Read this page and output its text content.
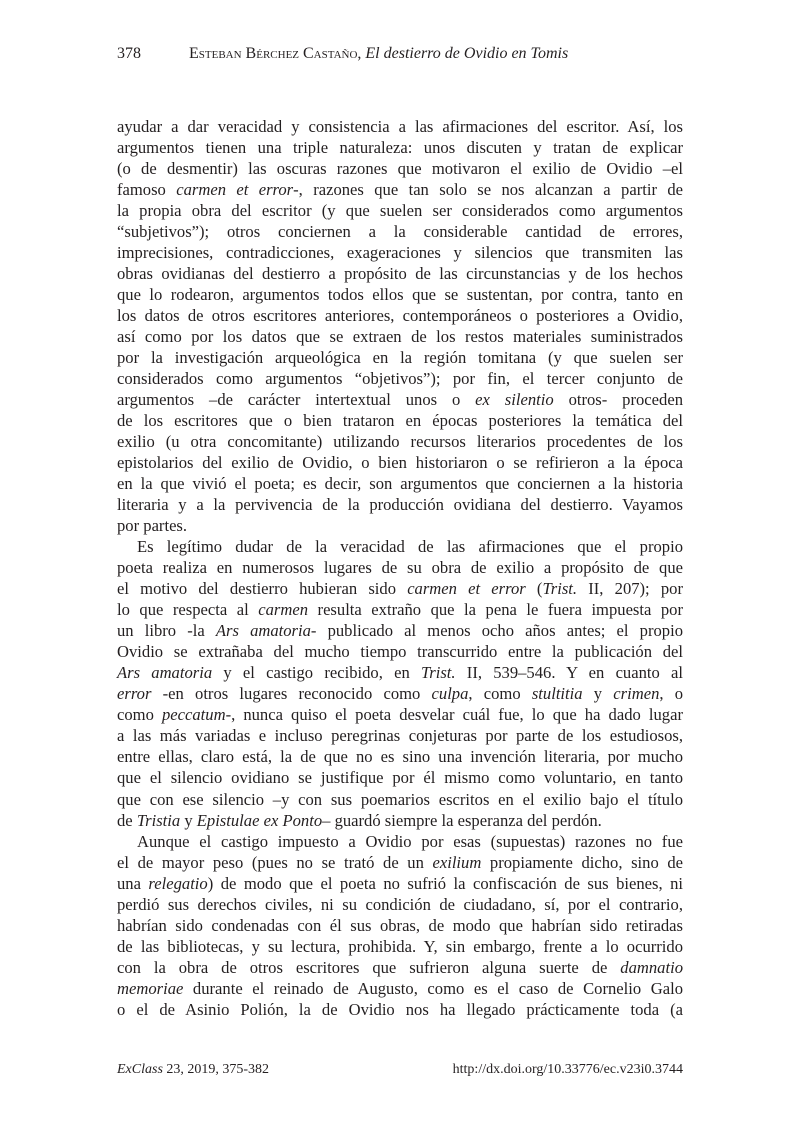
378	Esteban Bérchez Castaño, El destierro de Ovidio en Tomis
ayudar a dar veracidad y consistencia a las afirmaciones del escritor. Así, los
argumentos tienen una triple naturaleza: unos discuten y tratan de explicar
(o de desmentir) las oscuras razones que motivaron el exilio de Ovidio –el
famoso carmen et error-, razones que tan solo se nos alcanzan a partir de
la propia obra del escritor (y que suelen ser considerados como argumentos
“subjetivos”); otros conciernen a la considerable cantidad de errores,
imprecisiones, contradicciones, exageraciones y silencios que transmiten las
obras ovidianas del destierro a propósito de las circunstancias y de los hechos
que lo rodearon, argumentos todos ellos que se sustentan, por contra, tanto en
los datos de otros escritores anteriores, contemporáneos o posteriores a Ovidio,
así como por los datos que se extraen de los restos materiales suministrados
por la investigación arqueológica en la región tomitana (y que suelen ser
considerados como argumentos “objetivos”); por fin, el tercer conjunto de
argumentos –de carácter intertextual unos o ex silentio otros- proceden
de los escritores que o bien trataron en épocas posteriores la temática del
exilio (u otra concomitante) utilizando recursos literarios procedentes de los
epistolarios del exilio de Ovidio, o bien historiaron o se refirieron a la época
en la que vivió el poeta; es decir, son argumentos que conciernen a la historia
literaria y a la pervivencia de la producción ovidiana del destierro. Vayamos
por partes.
Es legítimo dudar de la veracidad de las afirmaciones que el propio
poeta realiza en numerosos lugares de su obra de exilio a propósito de que
el motivo del destierro hubieran sido carmen et error (Trist. II, 207); por
lo que respecta al carmen resulta extraño que la pena le fuera impuesta por
un libro -la Ars amatoria- publicado al menos ocho años antes; el propio
Ovidio se extrañaba del mucho tiempo transcurrido entre la publicación del
Ars amatoria y el castigo recibido, en Trist. II, 539–546. Y en cuanto al
error -en otros lugares reconocido como culpa, como stultitia y crimen, o
como peccatum-, nunca quiso el poeta desvelar cuál fue, lo que ha dado lugar
a las más variadas e incluso peregrinas conjeturas por parte de los estudiosos,
entre ellas, claro está, la de que no es sino una invención literaria, por mucho
que el silencio ovidiano se justifique por él mismo como voluntario, en tanto
que con ese silencio –y con sus poemarios escritos en el exilio bajo el título
de Tristia y Epistulae ex Ponto– guardó siempre la esperanza del perdón.
Aunque el castigo impuesto a Ovidio por esas (supuestas) razones no fue
el de mayor peso (pues no se trató de un exilium propiamente dicho, sino de
una relegatio) de modo que el poeta no sufrió la confiscación de sus bienes, ni
perdió sus derechos civiles, ni su condición de ciudadano, sí, por el contrario,
habrían sido condenadas con él sus obras, de modo que habrían sido retiradas
de las bibliotecas, y su lectura, prohibida. Y, sin embargo, frente a lo ocurrido
con la obra de otros escritores que sufrieron alguna suerte de damnatio
memoriae durante el reinado de Augusto, como es el caso de Cornelio Galo
o el de Asinio Polión, la de Ovidio nos ha llegado prácticamente toda (a
ExClass 23, 2019, 375-382	http://dx.doi.org/10.33776/ec.v23i0.3744
